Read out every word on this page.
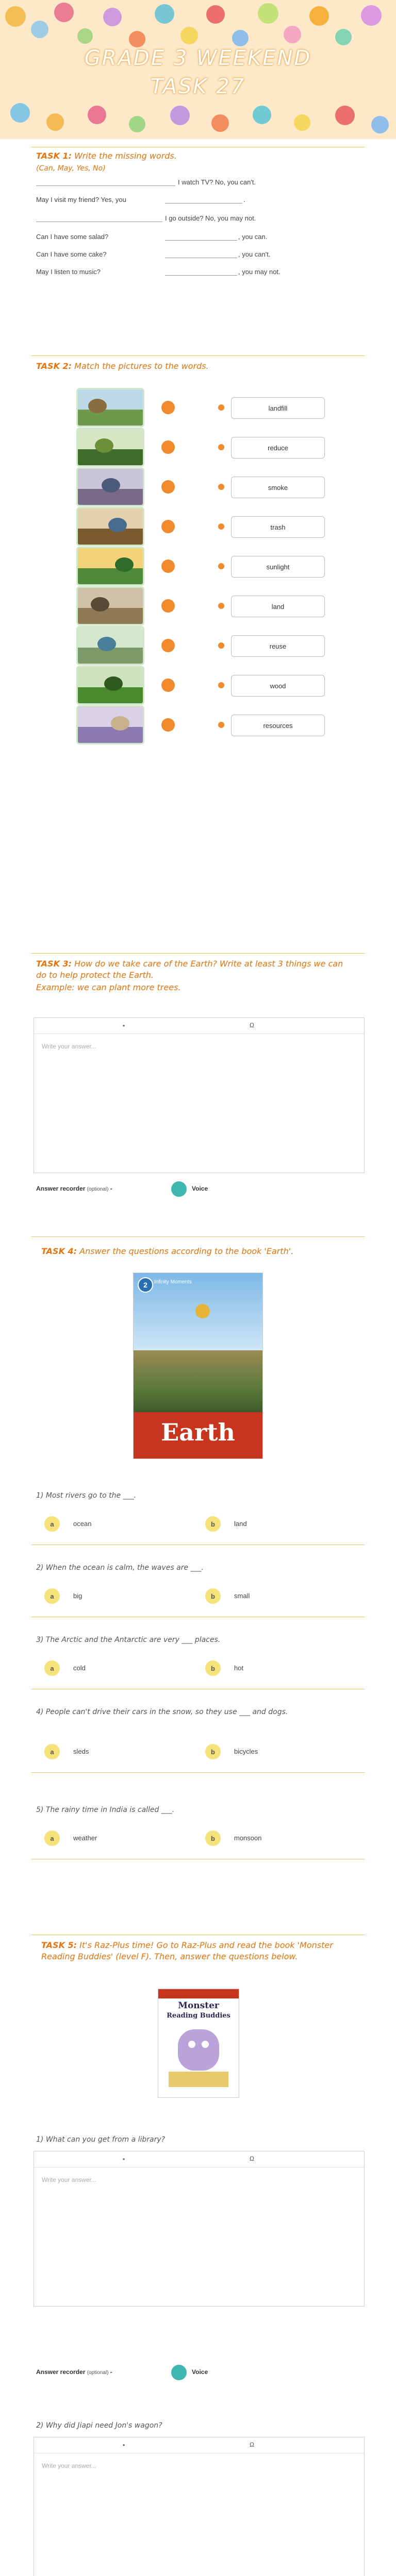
GRADE 3 WEEKEND
TASK 27
TASK 1: Write the missing words.
(Can, May, Yes, No)
I watch TV? No, you can't.
May I visit my friend? Yes, you	.
I go outside? No, you may not.
Can I have some salad?	, you can.
Can I have some cake?	, you can't.
May I listen to music?	, you may not.
TASK 2: Match the pictures to the words.
landfill
reduce
smoke
trash
sunlight
land
reuse
wood
resources
TASK 3: How do we take care of the Earth? Write at least 3 things we can do to help protect the Earth.
Example: we can plant more trees.
•	Ω
Write your answer...
Answer recorder (optional) -	Voice
TASK 4: Answer the questions according to the book 'Earth'.
2	Infinity Moments
Earth
1) Most rivers go to the ___.
a	ocean	b	land
2) When the ocean is calm, the waves are ___.
a	big	b	small
3) The Arctic and the Antarctic are very ___ places.
a	cold	b	hot
4) People can't drive their cars in the snow, so they use ___ and dogs.
a	sleds	b	bicycles
5) The rainy time in India is called ___.
a	weather	b	monsoon
TASK 5: It's Raz-Plus time! Go to Raz-Plus and read the book 'Monster Reading Buddies' (level F). Then, answer the questions below.
Monster
Reading Buddies
1) What can you get from a library?
•	Ω
Write your answer...
Answer recorder (optional) -	Voice
2) Why did Jiapi need Jon's wagon?
•	Ω
Write your answer...
